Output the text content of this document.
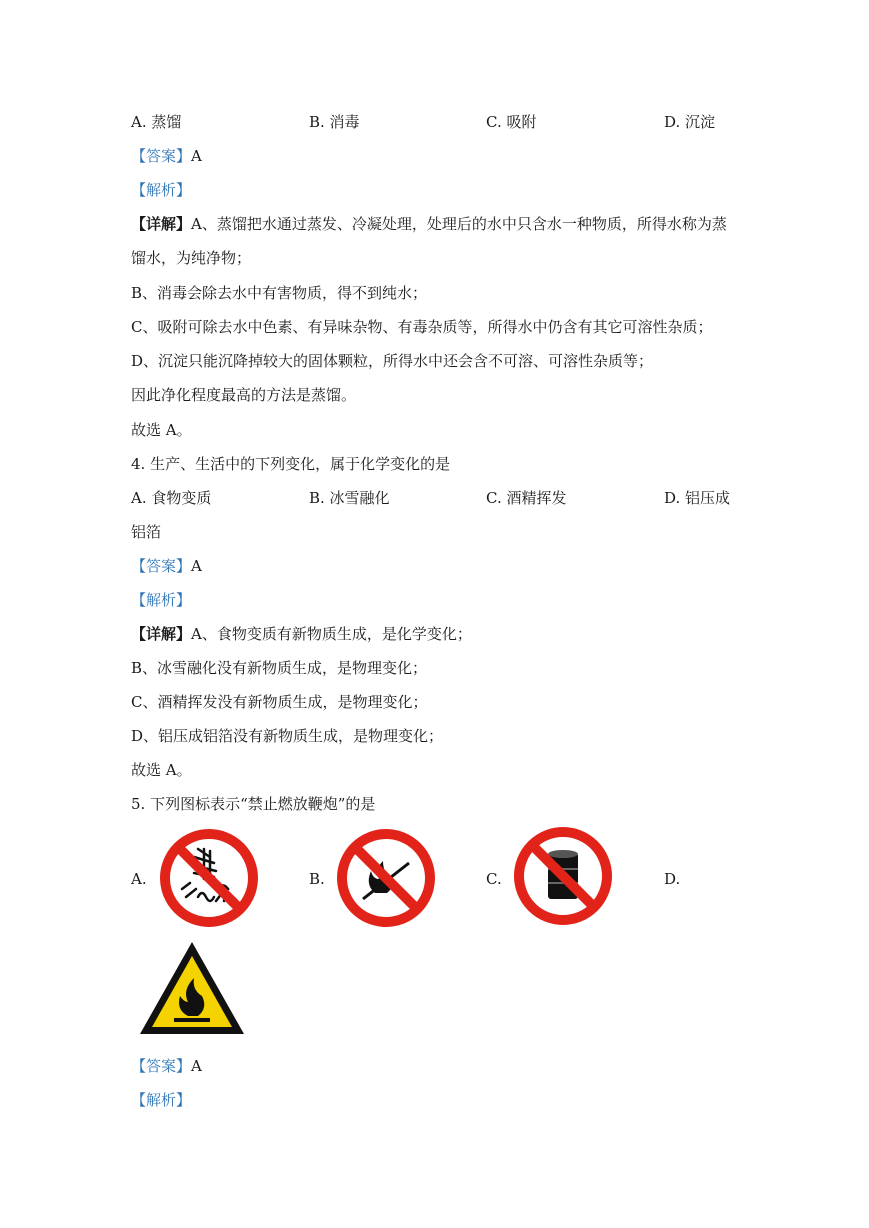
A. 蒸馏	B. 消毒	C. 吸附	D. 沉淀
【答案】A
【解析】
【详解】A、蒸馏把水通过蒸发、冷凝处理，处理后的水中只含水一种物质，所得水称为蒸
馏水，为纯净物；
B、消毒会除去水中有害物质，得不到纯水；
C、吸附可除去水中色素、有异味杂物、有毒杂质等，所得水中仍含有其它可溶性杂质；
D、沉淀只能沉降掉较大的固体颗粒，所得水中还会含不可溶、可溶性杂质等；
因此净化程度最高的方法是蒸馏。
故选 A。
4. 生产、生活中的下列变化，属于化学变化的是
A. 食物变质	B. 冰雪融化	C. 酒精挥发	D. 铝压成
铝箔
【答案】A
【解析】
【详解】A、食物变质有新物质生成，是化学变化；
B、冰雪融化没有新物质生成，是物理变化；
C、酒精挥发没有新物质生成，是物理变化；
D、铝压成铝箔没有新物质生成，是物理变化；
故选 A。
5. 下列图标表示“禁止燃放鞭炮”的是
A.	B.	C.	D.
【答案】A
【解析】
